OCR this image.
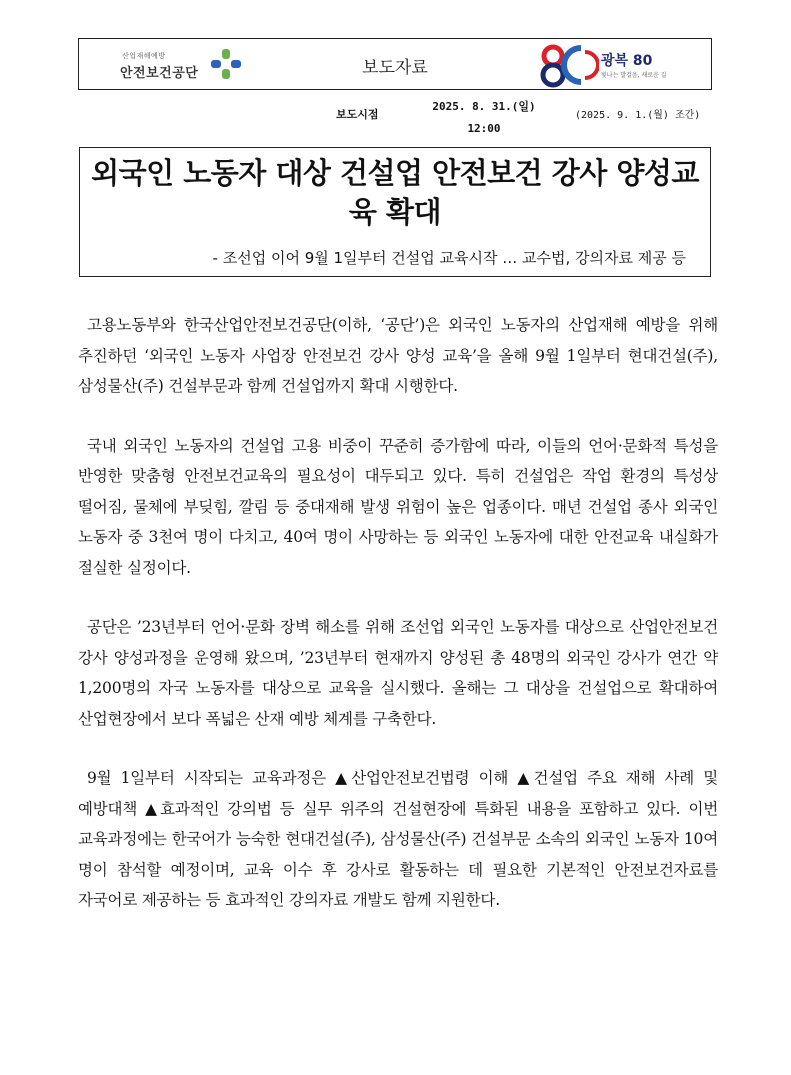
산업재해예방
안전보건공단	보도자료	광복 80
빛나는 발걸음, 새로운 길
보도시점
2025. 8. 31.(일)
12:00
(2025. 9. 1.(월) 조간)
외국인 노동자 대상 건설업 안전보건 강사 양성교육 확대
- 조선업 이어 9월 1일부터 건설업 교육시작 … 교수법, 강의자료 제공 등

고용노동부와 한국산업안전보건공단(이하, ‘공단’)은 외국인 노동자의 산업재해 예방을 위해 추진하던 ‘외국인 노동자 사업장 안전보건 강사 양성 교육’을 올해 9월 1일부터 현대건설(주), 삼성물산(주) 건설부문과 함께 건설업까지 확대 시행한다.

국내 외국인 노동자의 건설업 고용 비중이 꾸준히 증가함에 따라, 이들의 언어·문화적 특성을 반영한 맞춤형 안전보건교육의 필요성이 대두되고 있다. 특히 건설업은 작업 환경의 특성상 떨어짐, 물체에 부딪힘, 깔림 등 중대재해 발생 위험이 높은 업종이다. 매년 건설업 종사 외국인 노동자 중 3천여 명이 다치고, 40여 명이 사망하는 등 외국인 노동자에 대한 안전교육 내실화가 절실한 실정이다.

공단은 ’23년부터 언어·문화 장벽 해소를 위해 조선업 외국인 노동자를 대상으로 산업안전보건 강사 양성과정을 운영해 왔으며, ’23년부터 현재까지 양성된 총 48명의 외국인 강사가 연간 약 1,200명의 자국 노동자를 대상으로 교육을 실시했다. 올해는 그 대상을 건설업으로 확대하여 산업현장에서 보다 폭넓은 산재 예방 체계를 구축한다.

9월 1일부터 시작되는 교육과정은 ▲산업안전보건법령 이해 ▲건설업 주요 재해 사례 및 예방대책 ▲효과적인 강의법 등 실무 위주의 건설현장에 특화된 내용을 포함하고 있다. 이번 교육과정에는 한국어가 능숙한 현대건설(주), 삼성물산(주) 건설부문 소속의 외국인 노동자 10여 명이 참석할 예정이며, 교육 이수 후 강사로 활동하는 데 필요한 기본적인 안전보건자료를 자국어로 제공하는 등 효과적인 강의자료 개발도 함께 지원한다.
